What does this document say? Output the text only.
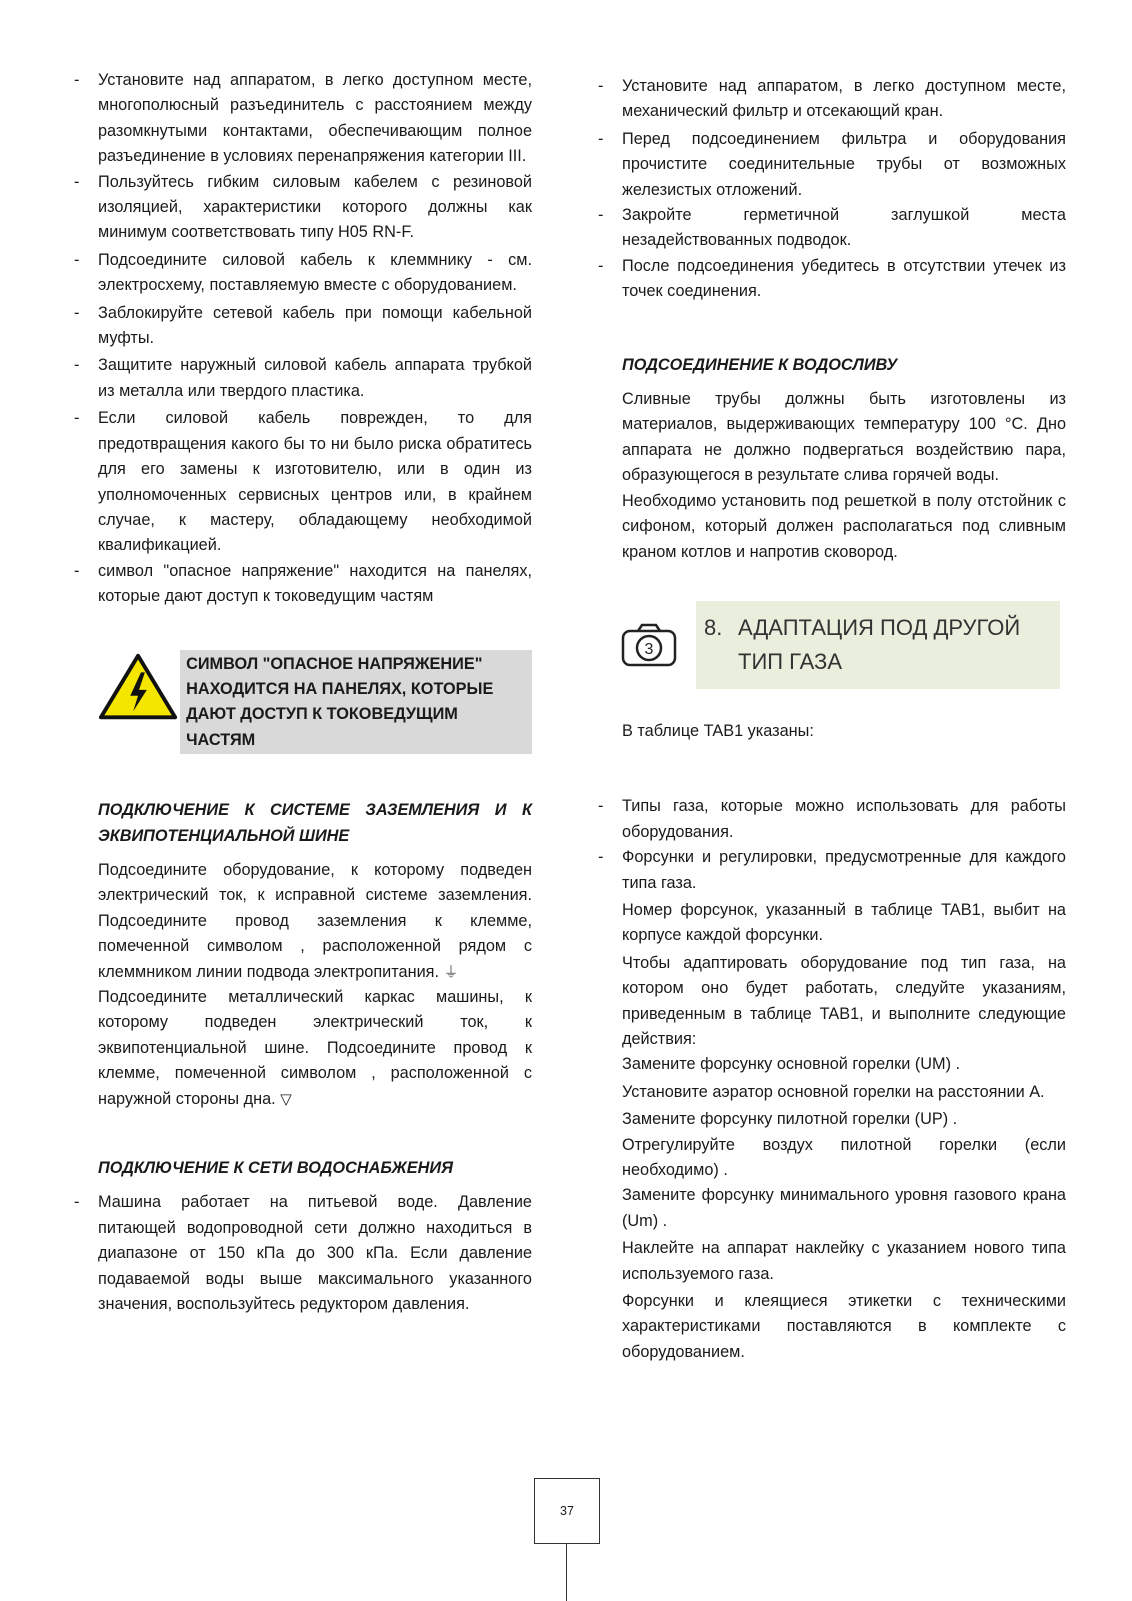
- Установите над аппаратом, в легко доступном месте, многополюсный разъединитель с расстоянием между разомкнутыми контактами, обеспечивающим полное разъединение в условиях перенапряжения категории III.
- Пользуйтесь гибким силовым кабелем с резиновой изоляцией, характеристики которого должны как минимум соответствовать типу H05 RN-F.
- Подсоедините силовой кабель к клеммнику - см. электросхему, поставляемую вместе с оборудованием.
- Заблокируйте сетевой кабель при помощи кабельной муфты.
- Защитите наружный силовой кабель аппарата трубкой из металла или твердого пластика.
- Если силовой кабель поврежден, то для предотвращения какого бы то ни было риска обратитесь для его замены к изготовителю, или в один из уполномоченных сервисных центров или, в крайнем случае, к мастеру, обладающему необходимой квалификацией.
- символ "опасное напряжение" находится на панелях, которые дают доступ к токоведущим частям
СИМВОЛ "ОПАСНОЕ НАПРЯЖЕНИЕ" НАХОДИТСЯ НА ПАНЕЛЯХ, КОТОРЫЕ ДАЮТ ДОСТУП К ТОКОВЕДУЩИМ ЧАСТЯМ

ПОДКЛЮЧЕНИЕ К СИСТЕМЕ ЗАЗЕМЛЕНИЯ И К ЭКВИПОТЕНЦИАЛЬНОЙ ШИНЕ

Подсоедините оборудование, к которому подведен электрический ток, к исправной системе заземления. Подсоедините провод заземления к клемме, помеченной символом , расположенной рядом с клеммником линии подвода электропитания. ⏚

Подсоедините металлический каркас машины, к которому подведен электрический ток, к эквипотенциальной шине. Подсоедините провод к клемме, помеченной символом , расположенной с наружной стороны дна. ▽

ПОДКЛЮЧЕНИЕ К СЕТИ ВОДОСНАБЖЕНИЯ

- Машина работает на питьевой воде. Давление питающей водопроводной сети должно находиться в диапазоне от 150 кПа до 300 кПа. Если давление подаваемой воды выше максимального указанного значения, воспользуйтесь редуктором давления.
- Установите над аппаратом, в легко доступном месте, механический фильтр и отсекающий кран.
- Перед подсоединением фильтра и оборудования прочистите соединительные трубы от возможных железистых отложений.
- Закройте герметичной заглушкой места незадействованных подводок.
- После подсоединения убедитесь в отсутствии утечек из точек соединения.

ПОДСОЕДИНЕНИЕ К ВОДОСЛИВУ

Сливные трубы должны быть изготовлены из материалов, выдерживающих температуру 100 °C. Дно аппарата не должно подвергаться воздействию пара, образующегося в результате слива горячей воды.

Необходимо установить под решеткой в полу отстойник с сифоном, который должен располагаться под сливным краном котлов и напротив сковород.

3
8. АДАПТАЦИЯ ПОД ДРУГОЙ
ТИП ГАЗА

В таблице TAB1 указаны:

- Типы газа, которые можно использовать для работы оборудования.
- Форсунки и регулировки, предусмотренные для каждого типа газа.

Номер форсунок, указанный в таблице TAB1, выбит на корпусе каждой форсунки.

Чтобы адаптировать оборудование под тип газа, на котором оно будет работать, следуйте указаниям, приведенным в таблице TAB1, и выполните следующие действия:

Замените форсунку основной горелки (UM) .

Установите аэратор основной горелки на расстоянии А.

Замените форсунку пилотной горелки (UP) .

Отрегулируйте воздух пилотной горелки (если необходимо) .

Замените форсунку минимального уровня газового крана (Um) .

Наклейте на аппарат наклейку с указанием нового типа используемого газа.

Форсунки и клеящиеся этикетки с техническими характеристиками поставляются в комплекте с оборудованием.

37
